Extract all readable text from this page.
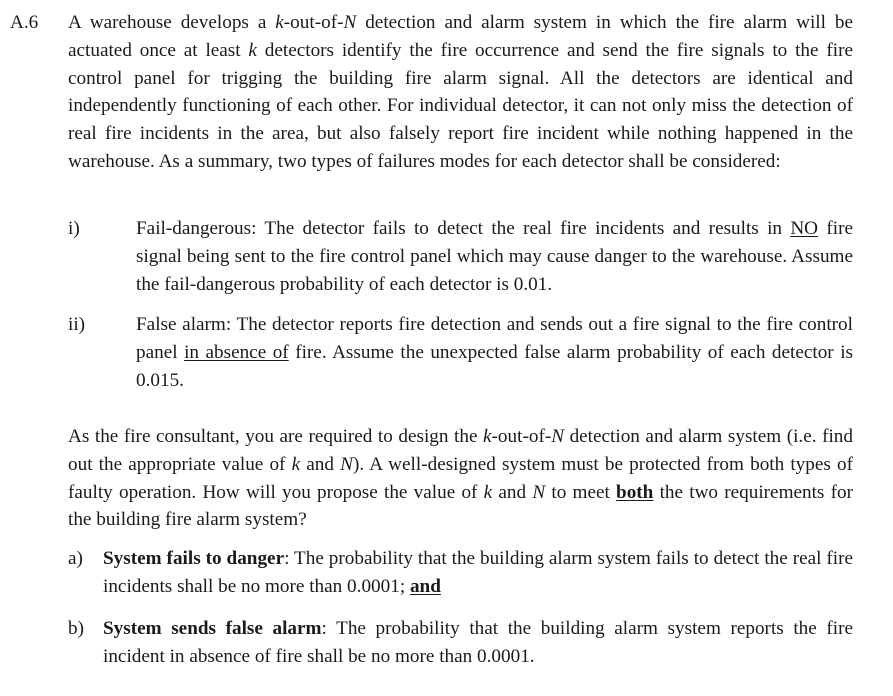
A.6 A warehouse develops a k-out-of-N detection and alarm system in which the fire alarm will be actuated once at least k detectors identify the fire occurrence and send the fire signals to the fire control panel for trigging the building fire alarm signal. All the detectors are identical and independently functioning of each other. For individual detector, it can not only miss the detection of real fire incidents in the area, but also falsely report fire incident while nothing happened in the warehouse. As a summary, two types of failures modes for each detector shall be considered:

i)	Fail-dangerous: The detector fails to detect the real fire incidents and results in NO fire signal being sent to the fire control panel which may cause danger to the warehouse. Assume the fail-dangerous probability of each detector is 0.01.

ii)	False alarm: The detector reports fire detection and sends out a fire signal to the fire control panel in absence of fire. Assume the unexpected false alarm probability of each detector is 0.015.

As the fire consultant, you are required to design the k-out-of-N detection and alarm system (i.e. find out the appropriate value of k and N). A well-designed system must be protected from both types of faulty operation. How will you propose the value of k and N to meet both the two requirements for the building fire alarm system?

a) System fails to danger: The probability that the building alarm system fails to detect the real fire incidents shall be no more than 0.0001; and

b) System sends false alarm: The probability that the building alarm system reports the fire incident in absence of fire shall be no more than 0.0001.
